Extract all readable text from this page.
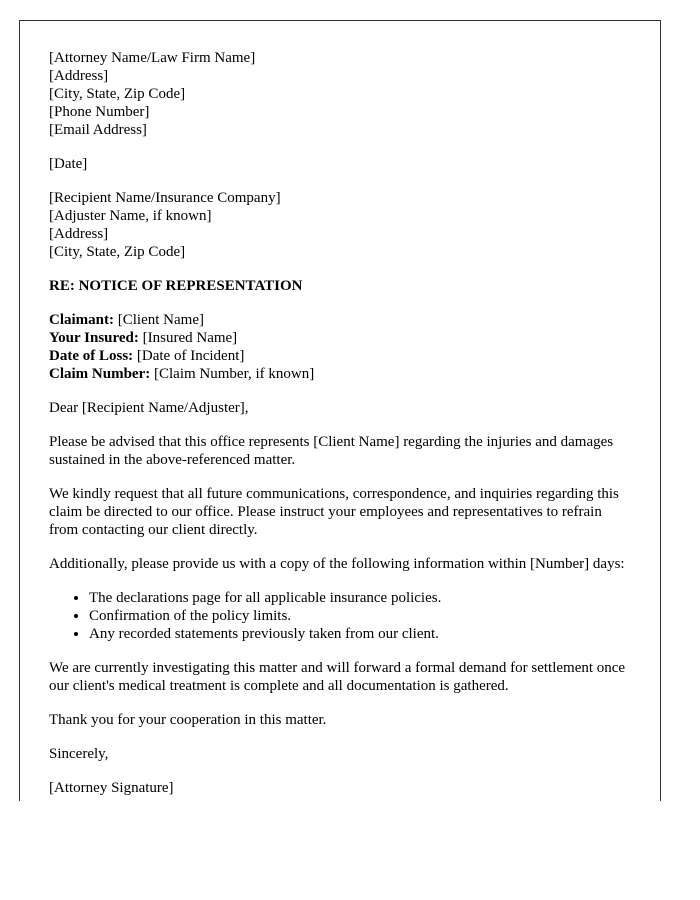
[Attorney Name/Law Firm Name]
[Address]
[City, State, Zip Code]
[Phone Number]
[Email Address]
[Date]
[Recipient Name/Insurance Company]
[Adjuster Name, if known]
[Address]
[City, State, Zip Code]
RE: NOTICE OF REPRESENTATION
Claimant: [Client Name]
Your Insured: [Insured Name]
Date of Loss: [Date of Incident]
Claim Number: [Claim Number, if known]

Dear [Recipient Name/Adjuster],

Please be advised that this office represents [Client Name] regarding the injuries and damages sustained in the above-referenced matter.

We kindly request that all future communications, correspondence, and inquiries regarding this claim be directed to our office. Please instruct your employees and representatives to refrain from contacting our client directly.

Additionally, please provide us with a copy of the following information within [Number] days:

• The declarations page for all applicable insurance policies.
• Confirmation of the policy limits.
• Any recorded statements previously taken from our client.

We are currently investigating this matter and will forward a formal demand for settlement once our client's medical treatment is complete and all documentation is gathered.

Thank you for your cooperation in this matter.

Sincerely,

[Attorney Signature]
